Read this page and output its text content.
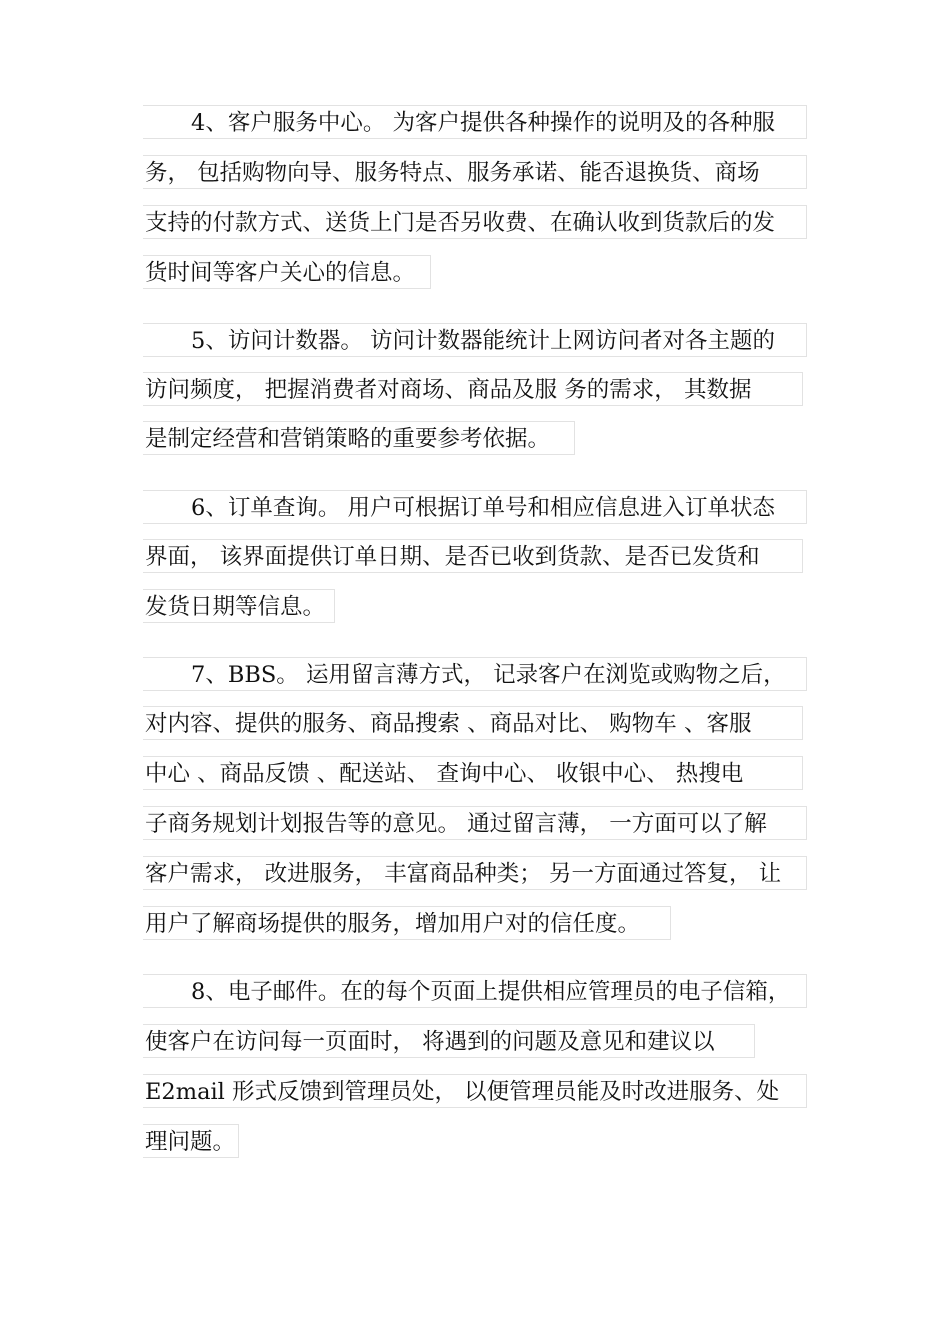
4、客户服务中心。 为客户提供各种操作的说明及的各种服
务， 包括购物向导、服务特点、服务承诺、能否退换货、商场
支持的付款方式、送货上门是否另收费、在确认收到货款后的发
货时间等客户关心的信息。
5、访问计数器。 访问计数器能统计上网访问者对各主题的
访问频度， 把握消费者对商场、商品及服 务的需求， 其数据
是制定经营和营销策略的重要参考依据。
6、订单查询。 用户可根据订单号和相应信息进入订单状态
界面， 该界面提供订单日期、是否已收到货款、是否已发货和
发货日期等信息。
7、BBS。 运用留言薄方式， 记录客户在浏览或购物之后，
对内容、提供的服务、商品搜索 、商品对比、 购物车 、客服
中心 、商品反馈 、配送站、 查询中心、 收银中心、 热搜电
子商务规划计划报告等的意见。 通过留言薄， 一方面可以了解
客户需求， 改进服务， 丰富商品种类； 另一方面通过答复， 让
用户了解商场提供的服务，增加用户对的信任度。
8、电子邮件。在的每个页面上提供相应管理员的电子信箱，
使客户在访问每一页面时， 将遇到的问题及意见和建议以
E2mail 形式反馈到管理员处， 以便管理员能及时改进服务、处
理问题。
